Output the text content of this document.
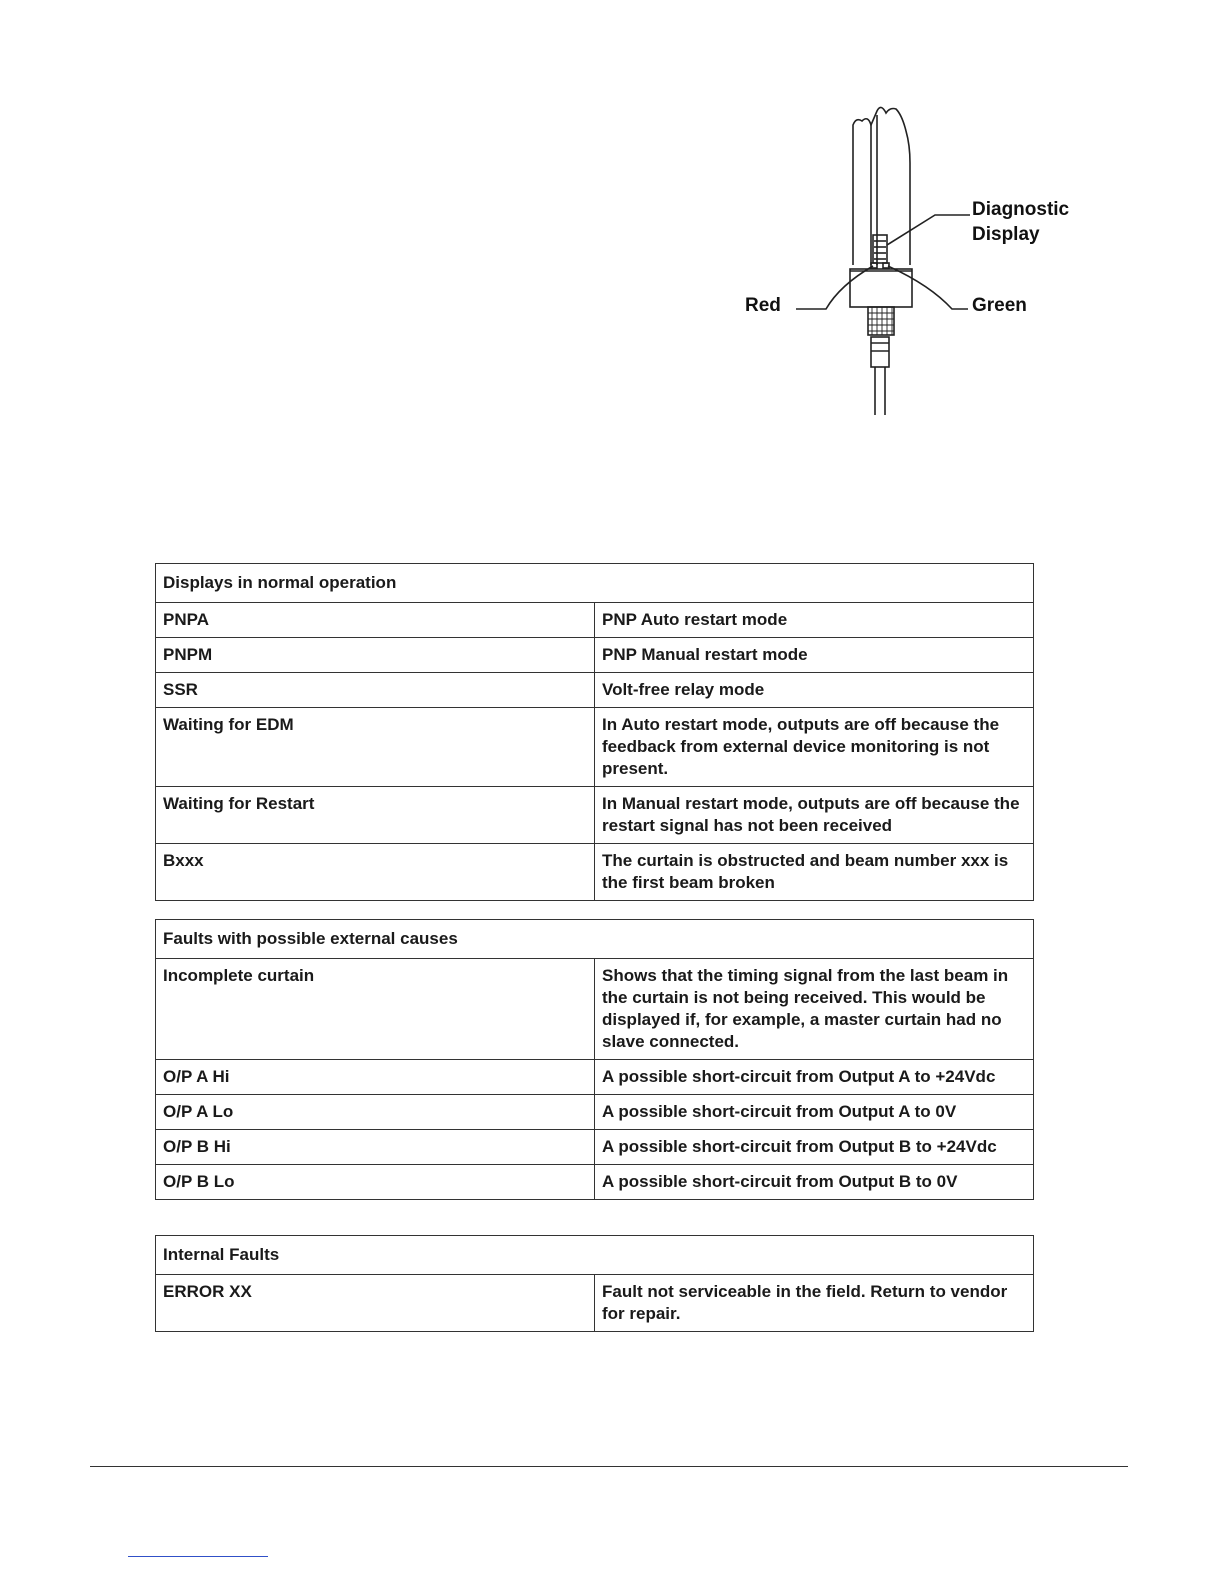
Diagnostic
Display
Red	Green
Displays in normal operation	
PNPA	PNP Auto restart mode
PNPM	PNP Manual restart mode
SSR	Volt-free relay mode
Waiting for EDM	In Auto restart mode, outputs are off because the feedback from external device monitoring is not present.
Waiting for Restart	In Manual restart mode, outputs are off because the restart signal has not been received
Bxxx	The curtain is obstructed and beam number xxx is the first beam broken
Faults with possible external causes	
Incomplete curtain	Shows that the timing signal from the last beam in the curtain is not being received. This would be displayed if, for example, a master curtain had no slave connected.
O/P A Hi	A possible short-circuit from Output A to +24Vdc
O/P A Lo	A possible short-circuit from Output A to 0V
O/P B Hi	A possible short-circuit from Output B to +24Vdc
O/P B Lo	A possible short-circuit from Output B to 0V
Internal Faults
ERROR XX	Fault not serviceable in the field. Return to vendor for repair.
